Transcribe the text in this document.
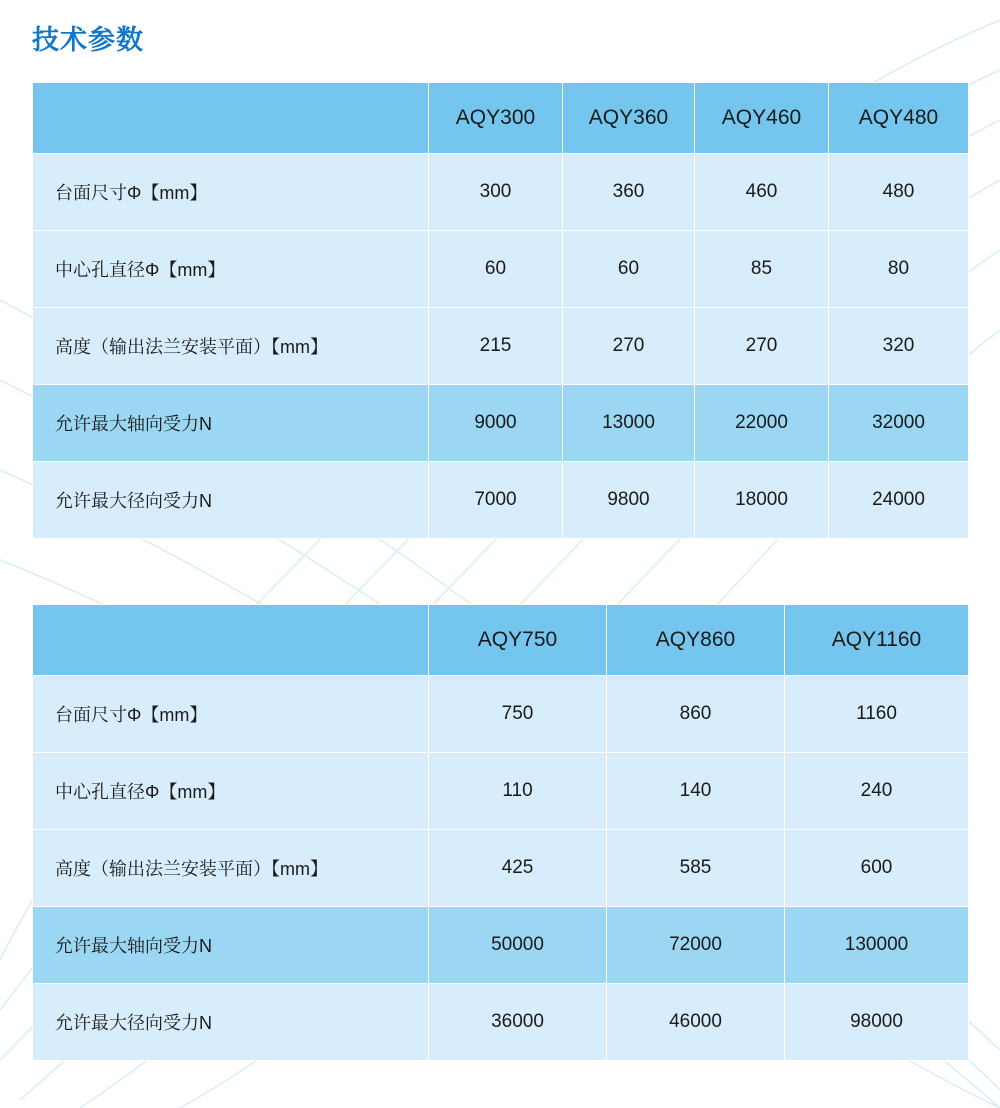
技术参数
	AQY300	AQY360	AQY460	AQY480
台面尺寸Φ【mm】	300	360	460	480
中心孔直径Φ【mm】	60	60	85	80
高度（输出法兰安装平面）【mm】	215	270	270	320
允许最大轴向受力N	9000	13000	22000	32000
允许最大径向受力N	7000	9800	18000	24000
	AQY750	AQY860	AQY1160
台面尺寸Φ【mm】	750	860	1160
中心孔直径Φ【mm】	110	140	240
高度（输出法兰安装平面）【mm】	425	585	600
允许最大轴向受力N	50000	72000	130000
允许最大径向受力N	36000	46000	98000
